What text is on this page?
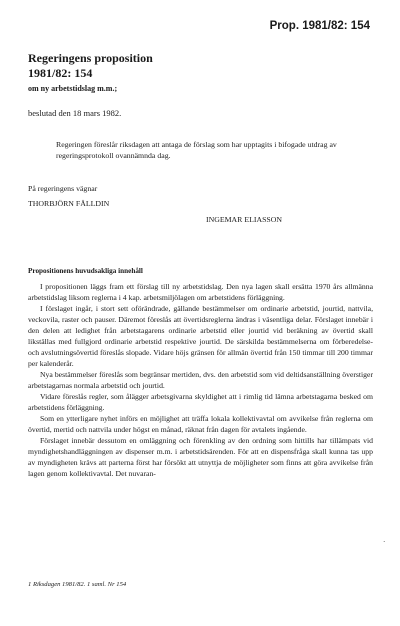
Prop. 1981/82: 154
Regeringens proposition
1981/82: 154
om ny arbetstidslag m.m.;
beslutad den 18 mars 1982.
Regeringen föreslår riksdagen att antaga de förslag som har upptagits i bifogade utdrag av regeringsprotokoll ovannämnda dag.
På regeringens vägnar
THORBJÖRN FÄLLDIN
INGEMAR ELIASSON
Propositionens huvudsakliga innehåll

I propositionen läggs fram ett förslag till ny arbetstidslag. Den nya lagen skall ersätta 1970 års allmänna arbetstidslag liksom reglerna i 4 kap. arbetsmiljölagen om arbetstidens förläggning.

I förslaget ingår, i stort sett oförändrade, gällande bestämmelser om ordinarie arbetstid, jourtid, nattvila, veckovila, raster och pauser. Däremot föreslås att övertidsreglerna ändras i väsentliga delar. Förslaget innebär i den delen att ledighet från arbetstagarens ordinarie arbetstid eller jourtid vid beräkning av övertid skall likställas med fullgjord ordinarie arbetstid respektive jourtid. De särskilda bestämmelserna om förberedelse- och avslutningsövertid föreslås slopade. Vidare höjs gränsen för allmän övertid från 150 timmar till 200 timmar per kalenderår.

Nya bestämmelser föreslås som begränsar mertiden, dvs. den arbetstid som vid deltidsanställning överstiger arbetstagarnas normala arbetstid och jourtid.

Vidare föreslås regler, som ålägger arbetsgivarna skyldighet att i rimlig tid lämna arbetstagarna besked om arbetstidens förläggning.

Som en ytterligare nyhet införs en möjlighet att träffa lokala kollektivavtal om avvikelse från reglerna om övertid, mertid och nattvila under högst en månad, räknat från dagen för avtalets ingående.

Förslaget innebär dessutom en omläggning och förenkling av den ordning som hittills har tillämpats vid myndighetshandläggningen av dispenser m.m. i arbetstidsärenden. För att en dispensfråga skall kunna tas upp av myndigheten krävs att parterna först har försökt att utnyttja de möjligheter som finns att göra avvikelse från lagen genom kollektivavtal. Det nuvaran-

·
1 Riksdagen 1981/82. 1 saml. Nr 154
